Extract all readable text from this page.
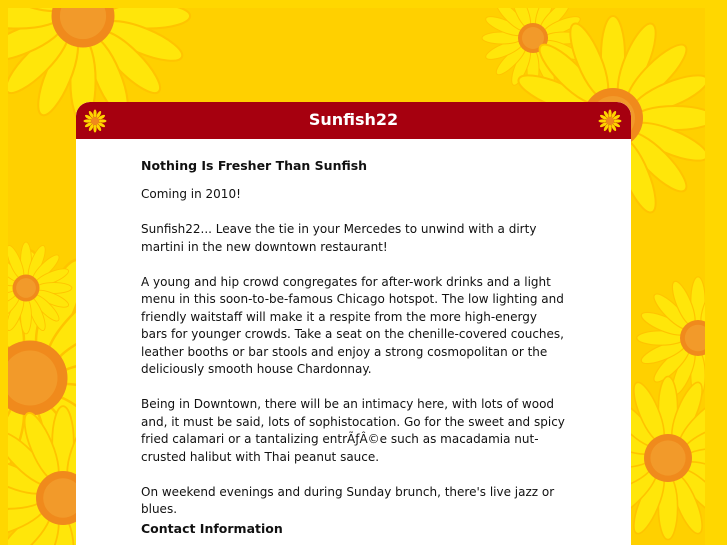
Sunfish22
Nothing Is Fresher Than Sunfish

Coming in 2010!

Sunfish22... Leave the tie in your Mercedes to unwind with a dirty martini in the new downtown restaurant!

A young and hip crowd congregates for after-work drinks and a light menu in this soon-to-be-famous Chicago hotspot. The low lighting and friendly waitstaff will make it a respite from the more high-energy bars for younger crowds. Take a seat on the chenille-covered couches, leather booths or bar stools and enjoy a strong cosmopolitan or the deliciously smooth house Chardonnay.

Being in Downtown, there will be an intimacy here, with lots of wood and, it must be said, lots of sophistocation. Go for the sweet and spicy fried calamari or a tantalizing entrÃƒÂ©e such as macadamia nut-crusted halibut with Thai peanut sauce.

On weekend evenings and during Sunday brunch, there's live jazz or blues.

Contact Information
